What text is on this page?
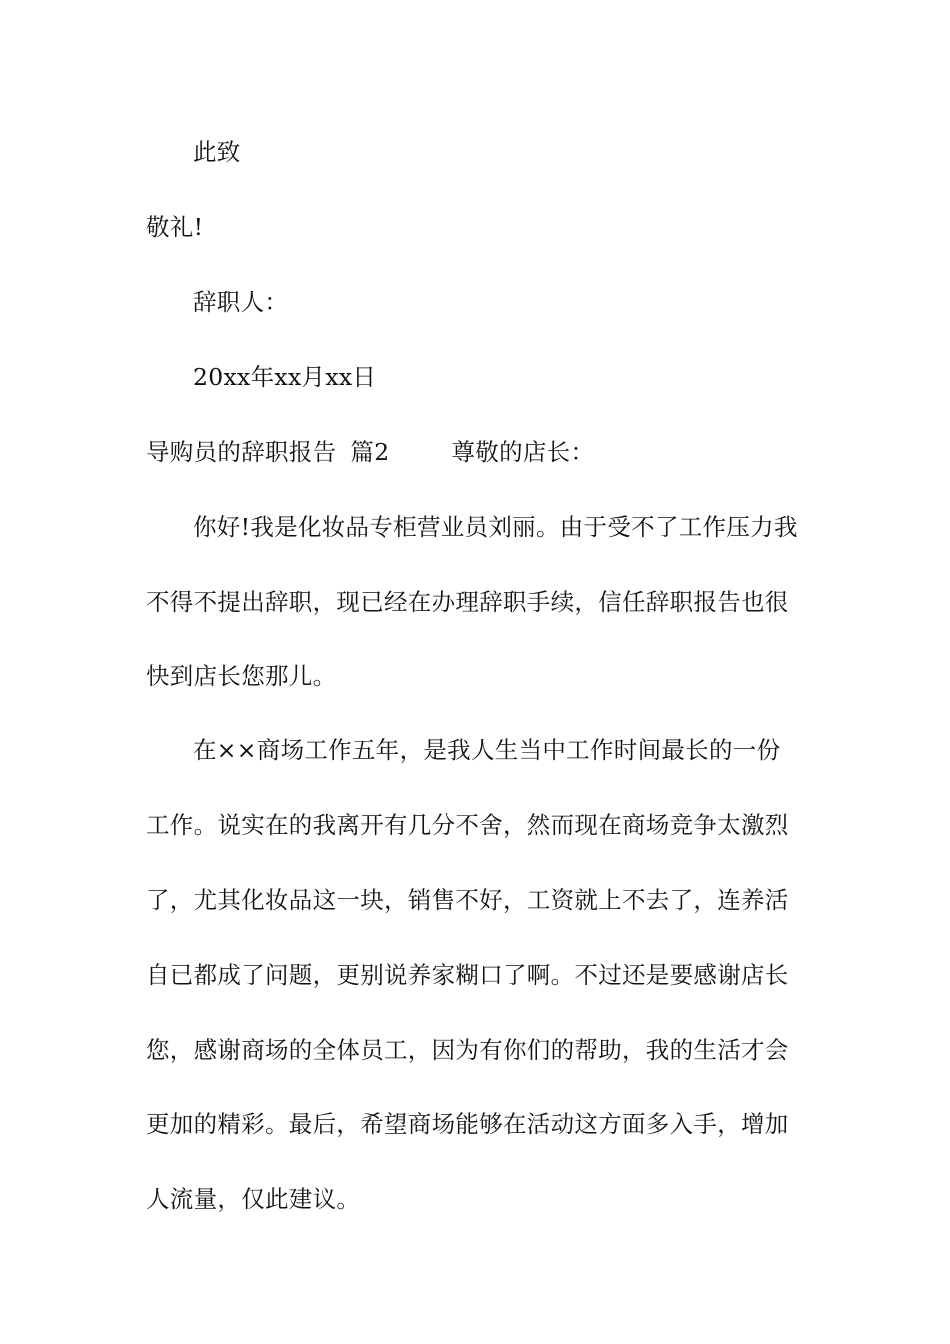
此致
敬礼!
辞职人：
20xx年xx月xx日
导购员的辞职报告 篇2	尊敬的店长：
你好!我是化妆品专柜营业员刘丽。由于受不了工作压力我
不得不提出辞职，现已经在办理辞职手续，信任辞职报告也很
快到店长您那儿。
在××商场工作五年，是我人生当中工作时间最长的一份
工作。说实在的我离开有几分不舍，然而现在商场竞争太激烈
了，尤其化妆品这一块，销售不好，工资就上不去了，连养活
自已都成了问题，更别说养家糊口了啊。不过还是要感谢店长
您，感谢商场的全体员工，因为有你们的帮助，我的生活才会
更加的精彩。最后，希望商场能够在活动这方面多入手，增加
人流量，仅此建议。
